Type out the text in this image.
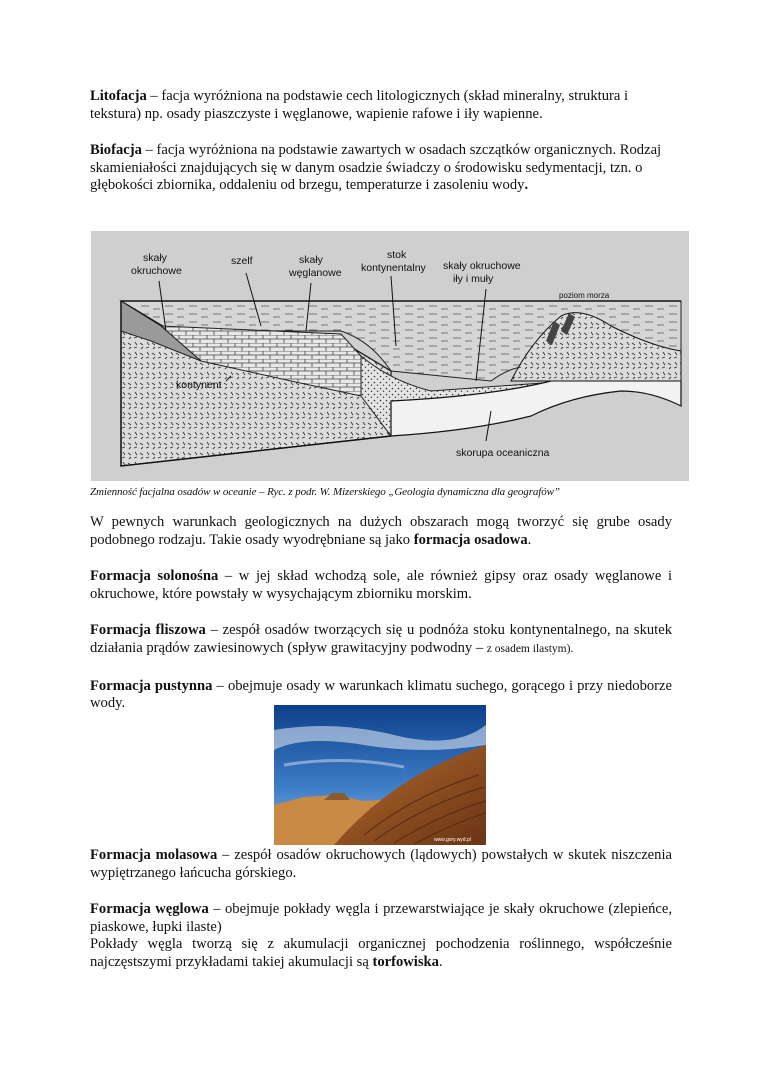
Litofacja – facja wyróżniona na podstawie cech litologicznych (skład mineralny, struktura i tekstura) np. osady piaszczyste i węglanowe, wapienie rafowe i iły wapienne.

Biofacja – facja wyróżniona na podstawie zawartych w osadach szczątków organicznych. Rodzaj skamieniałości znajdujących się w danym osadzie świadczy o środowisku sedymentacji, tzn. o głębokości zbiornika, oddaleniu od brzegu, temperaturze i zasoleniu wody.

skały
okruchowe
szelf	skały
węglanowe
stok
kontynentalny skały okruchowe
iły i muły
poziom morza
kontynent
skorupa oceaniczna
Zmienność facjalna osadów w oceanie – Ryc. z podr. W. Mizerskiego „Geologia dynamiczna dla geografów”

W pewnych warunkach geologicznych na dużych obszarach mogą tworzyć się grube osady podobnego rodzaju. Takie osady wyodrębniane są jako formacja osadowa.

Formacja solonośna – w jej skład wchodzą sole, ale również gipsy oraz osady węglanowe i okruchowe, które powstały w wysychającym zbiorniku morskim.

Formacja fliszowa – zespół osadów tworzących się u podnóża stoku kontynentalnego, na skutek działania prądów zawiesinowych (spływ grawitacyjny podwodny – z osadem ilastym).

Formacja pustynna – obejmuje osady w warunkach klimatu suchego, gorącego i przy niedoborze wody.

www.gory.wyd.pl

Formacja molasowa – zespół osadów okruchowych (lądowych) powstałych w skutek niszczenia wypiętrzanego łańcucha górskiego.

Formacja węglowa – obejmuje pokłady węgla i przewarstwiające je skały okruchowe (zlepieńce, piaskowe, łupki ilaste)

Pokłady węgla tworzą się z akumulacji organicznej pochodzenia roślinnego, współcześnie najczęstszymi przykładami takiej akumulacji są torfowiska.
